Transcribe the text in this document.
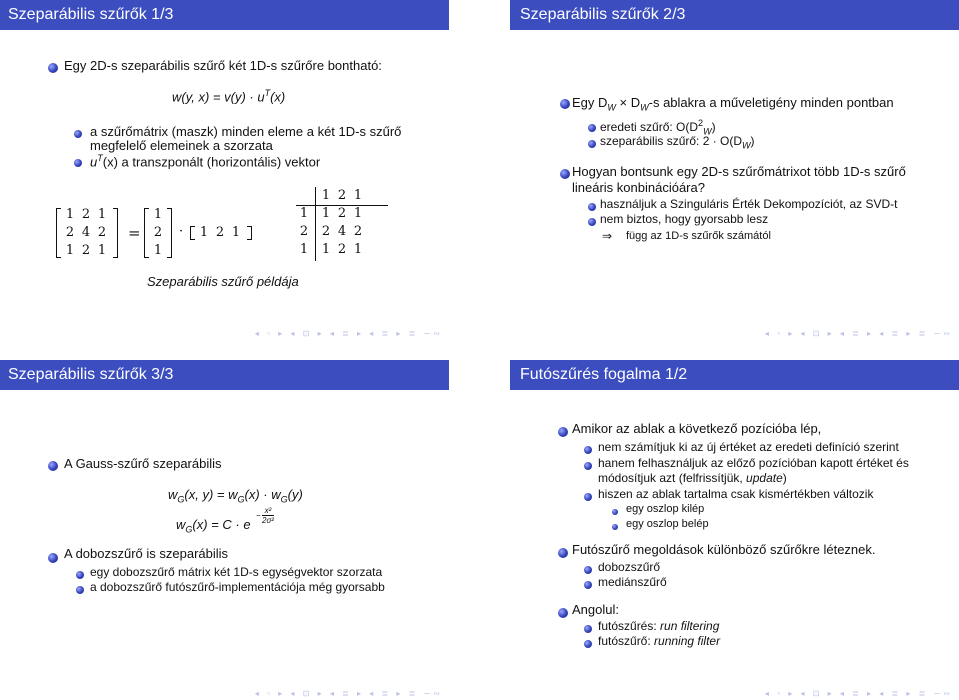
Szeparábilis szűrők 1/3
Egy 2D-s szeparábilis szűrő két 1D-s szűrőre bontható:
w(y, $x) = v(y) \cdot u^T(x)$
a szűrőmátrix (maszk) minden eleme a két 1D-s szűrő
megfelelő elemeinek a szorzata
$u^T(x)$ a transzponált (horizontális) vektor
1 2 1
2 4 2
1 2 1
=
1
2
1
· 1 2 1
1 2 1
1 1 2 1
2 2 4 2
1 1 2 1
Szeparábilis szűrő példája
◂ ▫ ▸ ◂ ⊡ ▸ ◂ ≣ ▸ ◂ ≣ ▸ ≣ ∽∾
Szeparábilis szűrők 2/3
Egy $D_W \times D_W-s$ ablakra a műveletigény minden pontban
eredeti szűrő: $O(D^2_W)$
szeparábilis szűrő: $2 \cdot O(D_W)$
Hogyan bontsunk egy 2D-s szűrőmátrixot több 1D-s szűrő
lineáris konbinációára?
használjuk a Szinguláris Érték Dekompozíciót, az SVD-t
nem biztos, hogy gyorsabb lesz
⇒ függ az 1D-s szűrők számától
◂ ▫ ▸ ◂ ⊡ ▸ ◂ ≣ ▸ ◂ ≣ ▸ ≣ ∽∾
Szeparábilis szűrők 3/3
A Gauss-szűrő szeparábilis
$w_G(x$, $y) = w_G(x) \cdot w_G(y)$
$w_G(x) = C \cdot e$
−
x²
2σ²
A dobozszűrő is szeparábilis
egy dobozszűrő mátrix két 1D-s egységvektor szorzata
a dobozszűrő futószűrő-implementációja még gyorsabb
◂ ▫ ▸ ◂ ⊡ ▸ ◂ ≣ ▸ ◂ ≣ ▸ ≣ ∽∾
Futószűrés fogalma 1/2
Amikor az ablak a következő pozícióba lép,
nem számítjuk ki az új értéket az eredeti definíció szerint
hanem felhasználjuk az előző pozícióban kapott értéket és
módosítjuk azt (felfrissítjük, update)
hiszen az ablak tartalma csak kismértékben változik
egy oszlop kilép
egy oszlop belép
Futószűrő megoldások különböző szűrőkre léteznek.
dobozszűrő
mediánszűrő
Angolul:
futószűrés: run filtering
futószűrő: running filter
◂ ▫ ▸ ◂ ⊡ ▸ ◂ ≣ ▸ ◂ ≣ ▸ ≣ ∽∾
